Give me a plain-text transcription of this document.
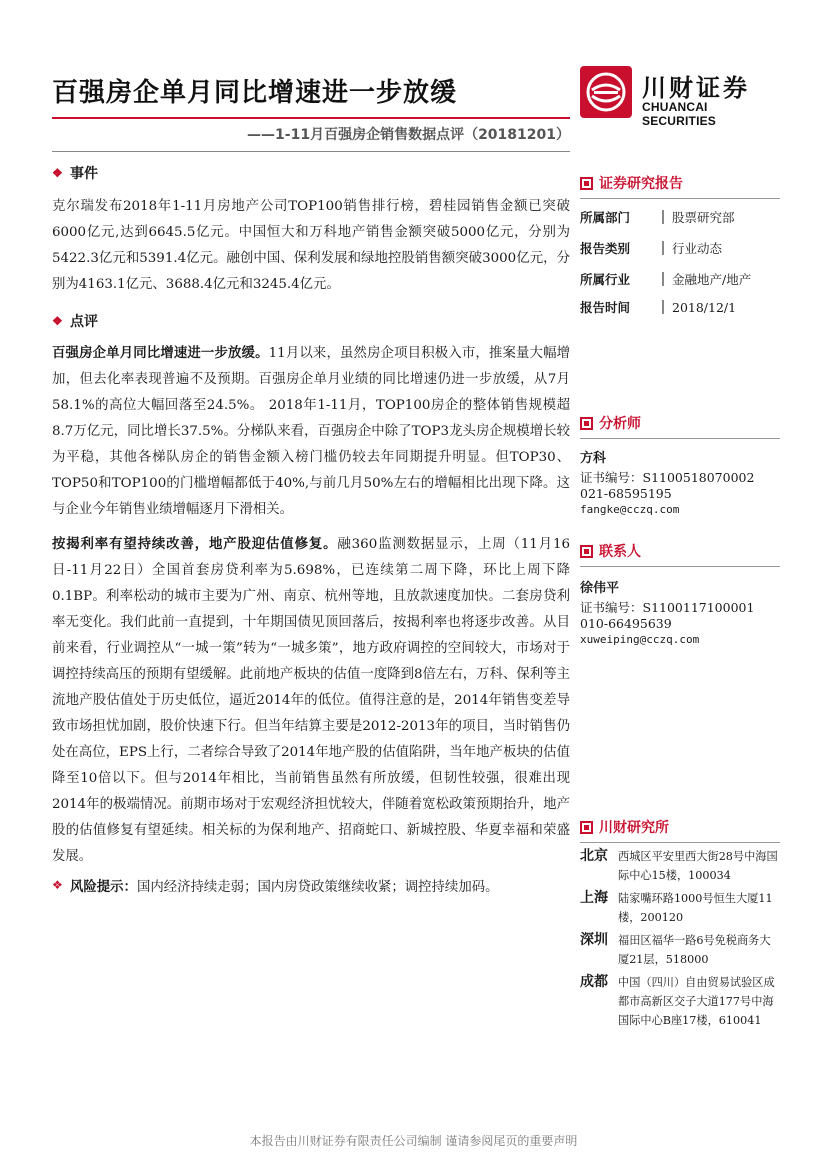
百强房企单月同比增速进一步放缓
——1-11月百强房企销售数据点评（20181201）
川财证券
CHUANCAI SECURITIES
❖ 事件

克尔瑞发布2018年1-11月房地产公司TOP100销售排行榜，碧桂园销售金额已突破6000亿元,达到6645.5亿元。中国恒大和万科地产销售金额突破5000亿元，分别为5422.3亿元和5391.4亿元。融创中国、保利发展和绿地控股销售额突破3000亿元，分别为4163.1亿元、3688.4亿元和3245.4亿元。

❖ 点评

百强房企单月同比增速进一步放缓。11月以来，虽然房企项目积极入市，推案量大幅增加，但去化率表现普遍不及预期。百强房企单月业绩的同比增速仍进一步放缓，从7月58.1%的高位大幅回落至24.5%。 2018年1-11月，TOP100房企的整体销售规模超8.7万亿元，同比增长37.5%。分梯队来看，百强房企中除了TOP3龙头房企规模增长较为平稳，其他各梯队房企的销售金额入榜门槛仍较去年同期提升明显。但TOP30、TOP50和TOP100的门槛增幅都低于40%,与前几月50%左右的增幅相比出现下降。这与企业今年销售业绩增幅逐月下滑相关。

按揭利率有望持续改善，地产股迎估值修复。融360监测数据显示，上周（11月16日-11月22日）全国首套房贷利率为5.698%，已连续第二周下降，环比上周下降0.1BP。利率松动的城市主要为广州、南京、杭州等地，且放款速度加快。二套房贷利率无变化。我们此前一直提到，十年期国债见顶回落后，按揭利率也将逐步改善。从目前来看，行业调控从“一城一策”转为“一城多策”，地方政府调控的空间较大，市场对于调控持续高压的预期有望缓解。此前地产板块的估值一度降到8倍左右，万科、保利等主流地产股估值处于历史低位，逼近2014年的低位。值得注意的是，2014年销售变差导致市场担忧加剧，股价快速下行。但当年结算主要是2012-2013年的项目，当时销售仍处在高位，EPS上行，二者综合导致了2014年地产股的估值陷阱，当年地产板块的估值降至10倍以下。但与2014年相比，当前销售虽然有所放缓，但韧性较强，很难出现2014年的极端情况。前期市场对于宏观经济担忧较大，伴随着宽松政策预期抬升，地产股的估值修复有望延续。相关标的为保利地产、招商蛇口、新城控股、华夏幸福和荣盛发展。

❖ 风险提示： 国内经济持续走弱；国内房贷政策继续收紧；调控持续加码。
证券研究报告
所属部门	股票研究部
报告类别	行业动态
所属行业	金融地产/地产
报告时间	2018/12/1
分析师
方科
证书编号：S1100518070002
021-68595195
fangke@cczq.com
联系人
徐伟平
证书编号：S1100117100001
010-66495639
xuweiping@cczq.com
川财研究所
北京 西城区平安里西大街28号中海国际中心15楼，100034
上海 陆家嘴环路1000号恒生大厦11楼，200120
深圳 福田区福华一路6号免税商务大厦21层，518000
成都 中国（四川）自由贸易试验区成都市高新区交子大道177号中海国际中心B座17楼，610041
本报告由川财证券有限责任公司编制 谨请参阅尾页的重要声明
